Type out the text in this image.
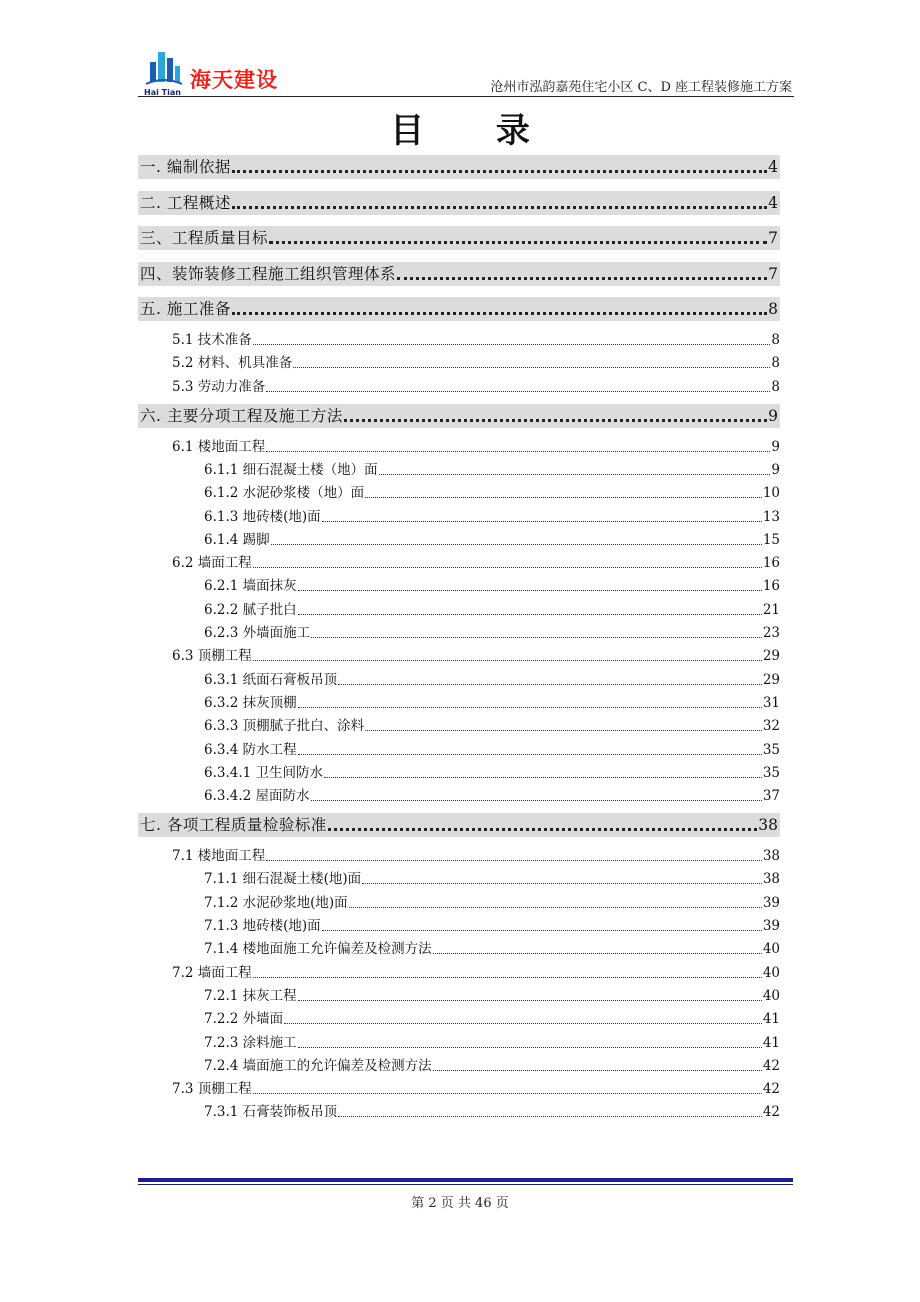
海天建设
Hai Tian	沧州市泓韵嘉苑住宅小区 C、D 座工程装修施工方案
目 录
一. 编制依据	4
二. 工程概述	4
三、工程质量目标	7
四、装饰装修工程施工组织管理体系	7
五. 施工准备	8
5.1 技术准备	8
5.2 材料、机具准备	8
5.3 劳动力准备	8
六. 主要分项工程及施工方法	9
6.1 楼地面工程	9
6.1.1 细石混凝土楼（地）面	9
6.1.2 水泥砂浆楼（地）面	10
6.1.3 地砖楼(地)面	13
6.1.4 踢脚	15
6.2 墙面工程	16
6.2.1 墙面抹灰	16
6.2.2 腻子批白	21
6.2.3 外墙面施工	23
6.3 顶棚工程	29
6.3.1 纸面石膏板吊顶	29
6.3.2 抹灰顶棚	31
6.3.3 顶棚腻子批白、涂料	32
6.3.4 防水工程	35
6.3.4.1 卫生间防水	35
6.3.4.2 屋面防水	37
七. 各项工程质量检验标准	38
7.1 楼地面工程	38
7.1.1 细石混凝土楼(地)面	38
7.1.2 水泥砂浆地(地)面	39
7.1.3 地砖楼(地)面	39
7.1.4 楼地面施工允许偏差及检测方法	40
7.2 墙面工程	40
7.2.1 抹灰工程	40
7.2.2 外墙面	41
7.2.3 涂料施工	41
7.2.4 墙面施工的允许偏差及检测方法	42
7.3 顶棚工程	42
7.3.1 石膏装饰板吊顶	42
第 2 页 共 46 页
